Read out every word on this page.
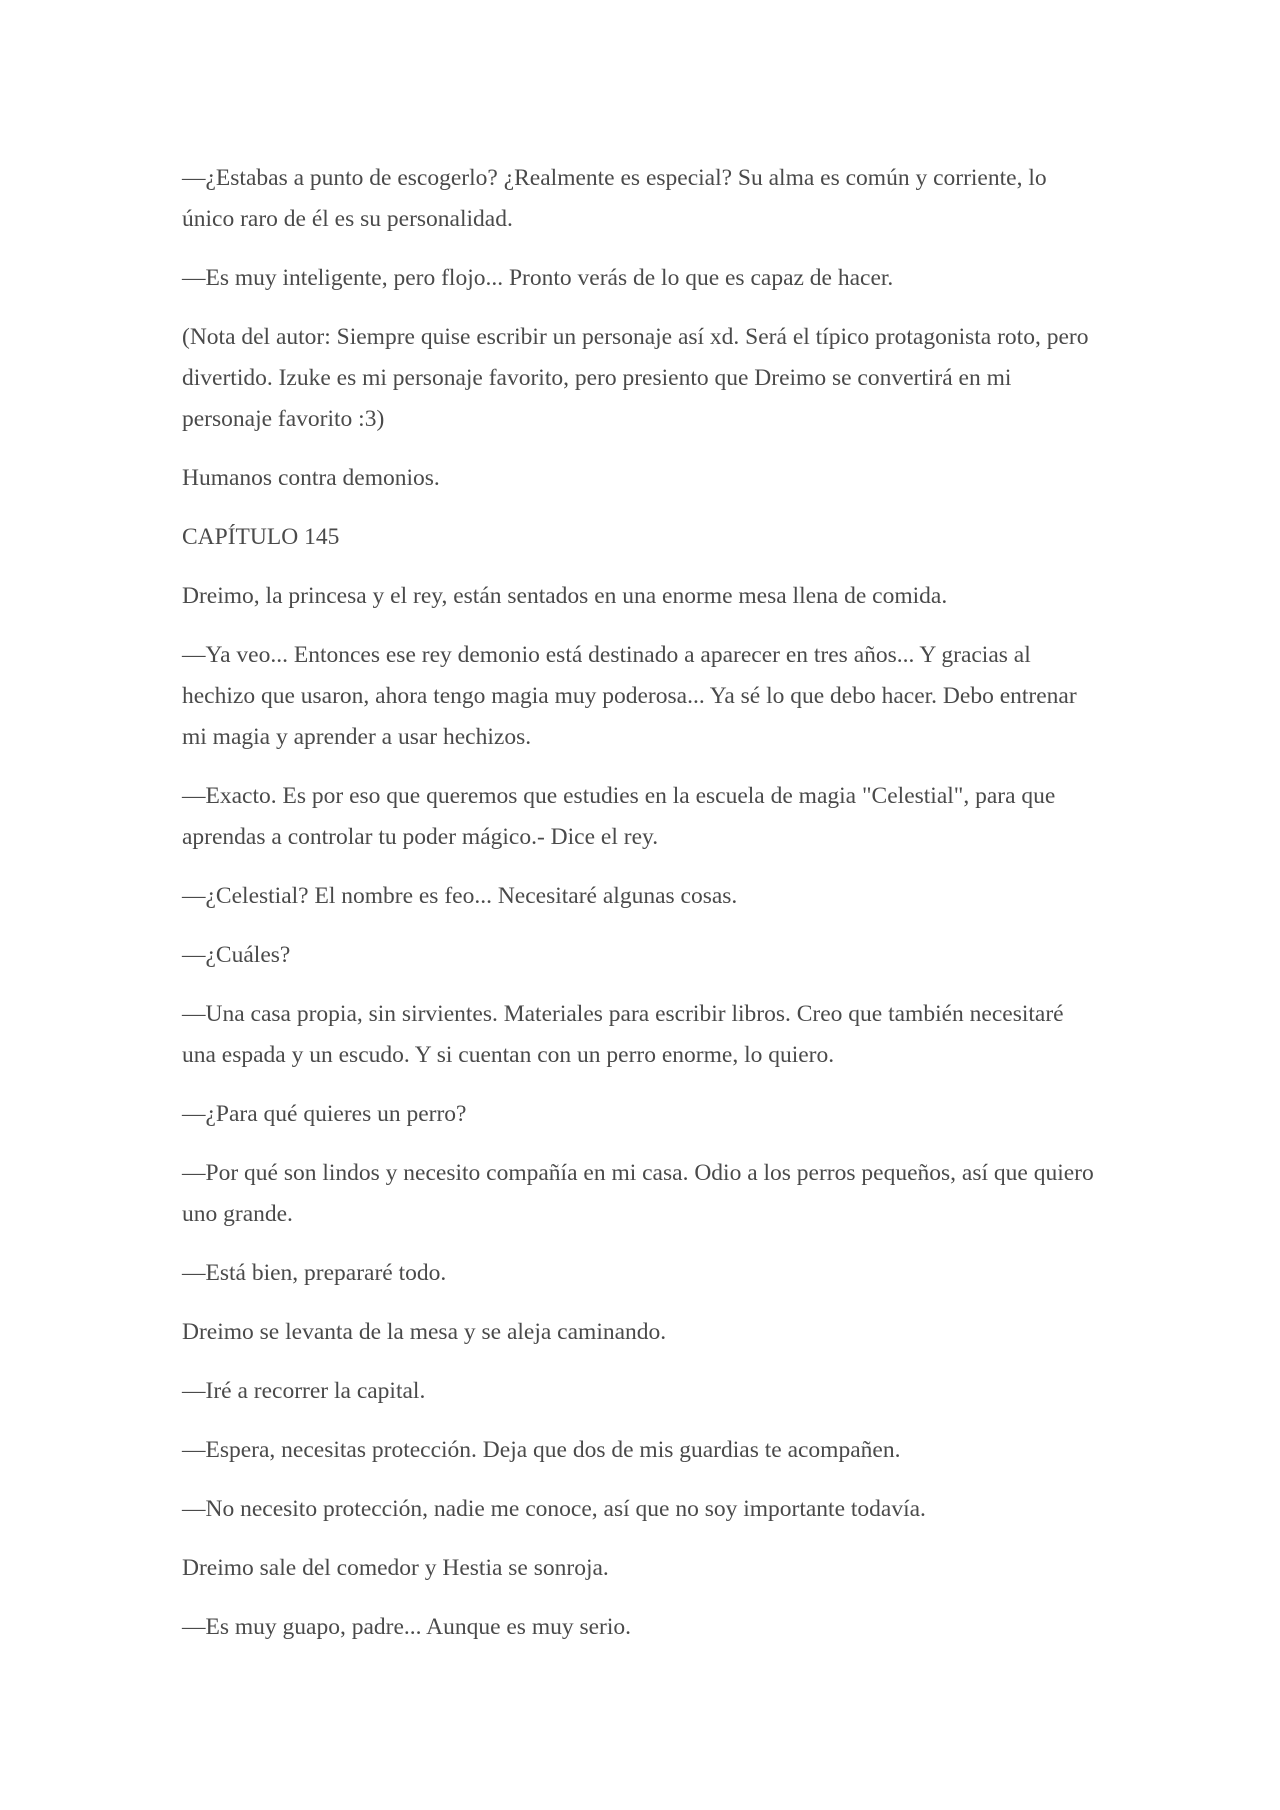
—¿Estabas a punto de escogerlo? ¿Realmente es especial? Su alma es común y corriente, lo único raro de él es su personalidad.

—Es muy inteligente, pero flojo... Pronto verás de lo que es capaz de hacer.

(Nota del autor: Siempre quise escribir un personaje así xd. Será el típico protagonista roto, pero divertido. Izuke es mi personaje favorito, pero presiento que Dreimo se convertirá en mi personaje favorito :3)

Humanos contra demonios.

CAPÍTULO 145

Dreimo, la princesa y el rey, están sentados en una enorme mesa llena de comida.

—Ya veo... Entonces ese rey demonio está destinado a aparecer en tres años... Y gracias al hechizo que usaron, ahora tengo magia muy poderosa... Ya sé lo que debo hacer. Debo entrenar mi magia y aprender a usar hechizos.

—Exacto. Es por eso que queremos que estudies en la escuela de magia "Celestial", para que aprendas a controlar tu poder mágico.- Dice el rey.

—¿Celestial? El nombre es feo... Necesitaré algunas cosas.

—¿Cuáles?

—Una casa propia, sin sirvientes. Materiales para escribir libros. Creo que también necesitaré una espada y un escudo. Y si cuentan con un perro enorme, lo quiero.

—¿Para qué quieres un perro?

—Por qué son lindos y necesito compañía en mi casa. Odio a los perros pequeños, así que quiero uno grande.

—Está bien, prepararé todo.

Dreimo se levanta de la mesa y se aleja caminando.

—Iré a recorrer la capital.

—Espera, necesitas protección. Deja que dos de mis guardias te acompañen.

—No necesito protección, nadie me conoce, así que no soy importante todavía.

Dreimo sale del comedor y Hestia se sonroja.

—Es muy guapo, padre... Aunque es muy serio.
